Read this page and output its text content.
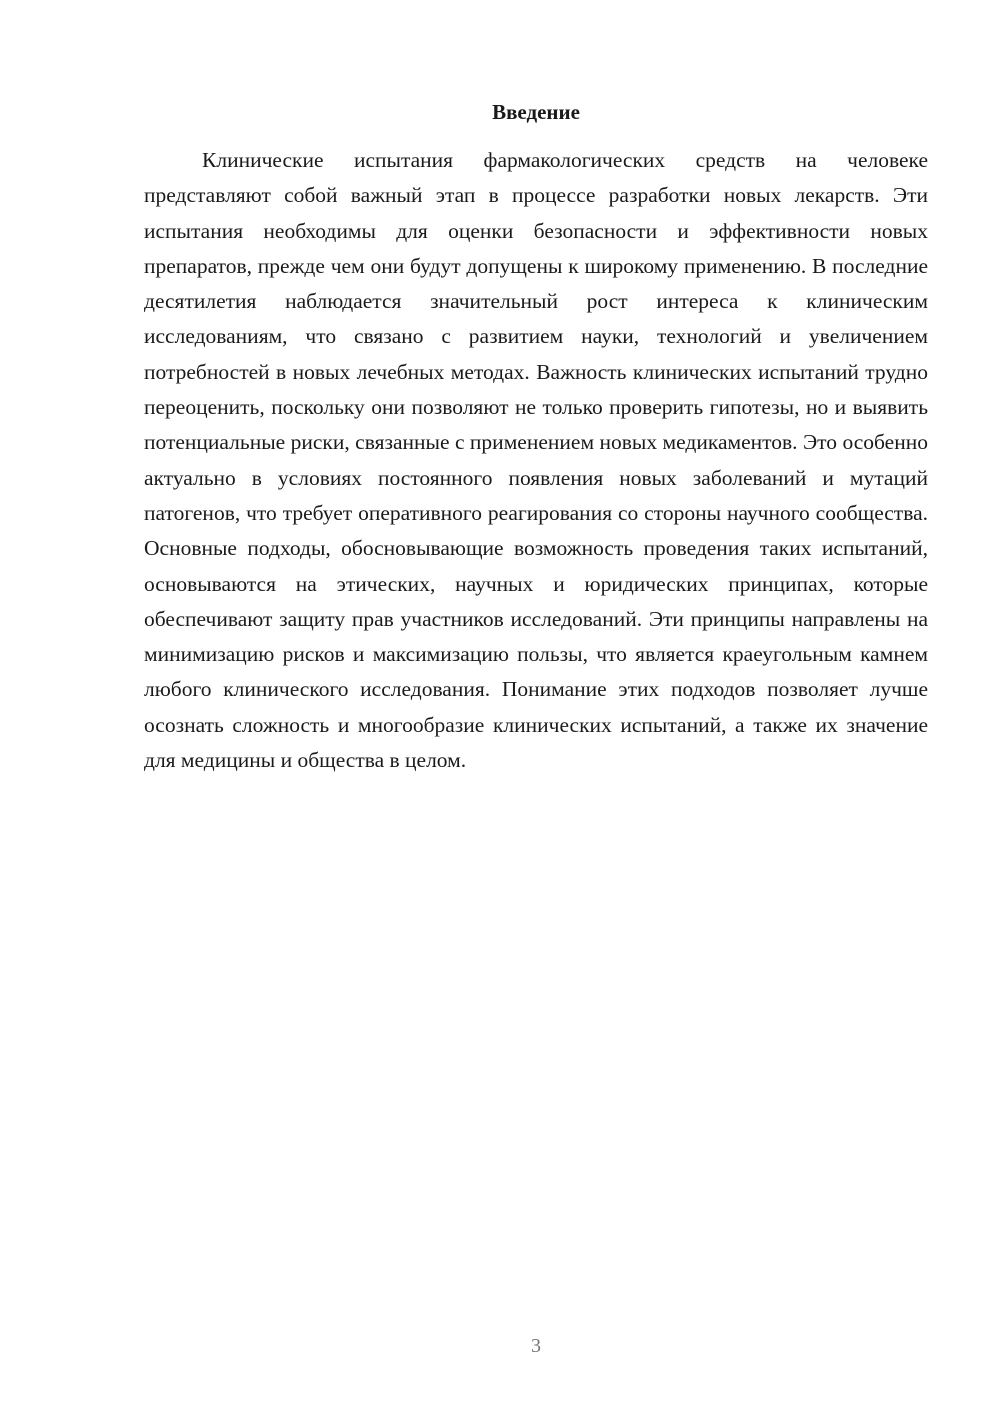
Введение

Клинические испытания фармакологических средств на человеке представляют собой важный этап в процессе разработки новых лекарств. Эти испытания необходимы для оценки безопасности и эффективности новых препаратов, прежде чем они будут допущены к широкому применению. В последние десятилетия наблюдается значительный рост интереса к клиническим исследованиям, что связано с развитием науки, технологий и увеличением потребностей в новых лечебных методах. Важность клинических испытаний трудно переоценить, поскольку они позволяют не только проверить гипотезы, но и выявить потенциальные риски, связанные с применением новых медикаментов. Это особенно актуально в условиях постоянного появления новых заболеваний и мутаций патогенов, что требует оперативного реагирования со стороны научного сообщества. Основные подходы, обосновывающие возможность проведения таких испытаний, основываются на этических, научных и юридических принципах, которые обеспечивают защиту прав участников исследований. Эти принципы направлены на минимизацию рисков и максимизацию пользы, что является краеугольным камнем любого клинического исследования. Понимание этих подходов позволяет лучше осознать сложность и многообразие клинических испытаний, а также их значение для медицины и общества в целом.

3
